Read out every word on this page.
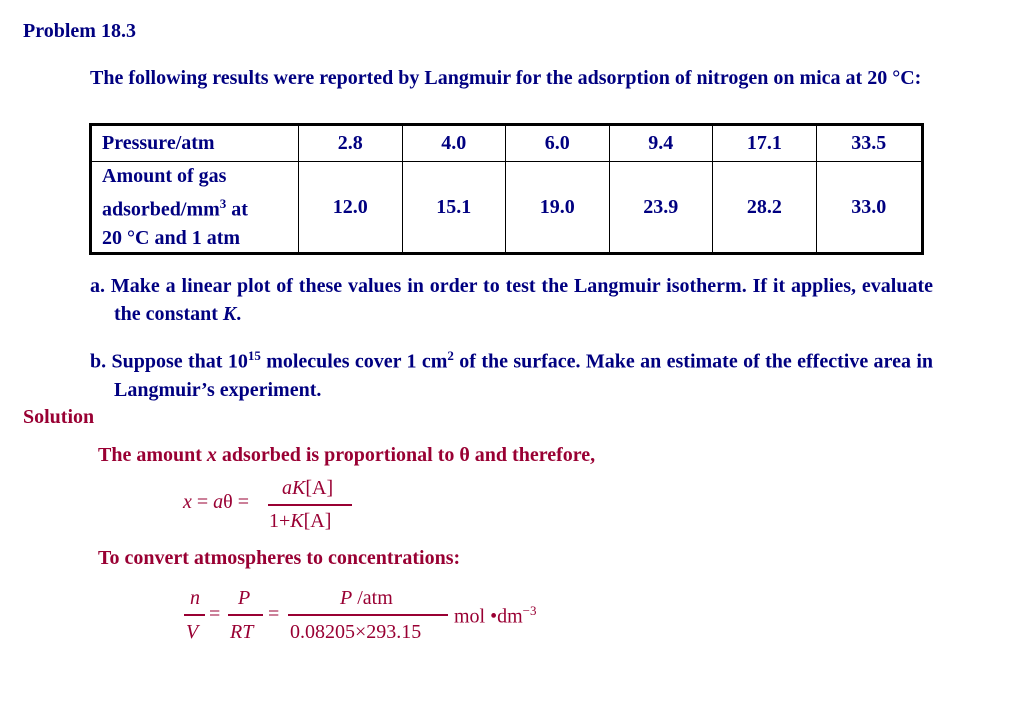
Problem 18.3
The following results were reported by Langmuir for the adsorption of nitrogen on mica at 20 °C:
Pressure/atm	2.8	4.0	6.0	9.4	17.1	33.5
Amount of gas
adsorbed/$mm^3$ at
20 °C and 1 atm	12.0	15.1	19.0	23.9	28.2	33.0
a. Make a linear plot of these values in order to test the Langmuir isotherm. If it applies, evaluate the constant K.
b. Suppose that $10^{15}$ molecules cover 1 $cm^2$ of the surface. Make an estimate of the effective area in Langmuir’s experiment.
Solution
The amount x adsorbed is proportional to θ and therefore,
x = aθ =
aK[A]
1+K[A]
To convert atmospheres to concentrations:
n
V
=
P
RT
=
P /atm
0.08205×293.15
mol $•dm^{-3}$
